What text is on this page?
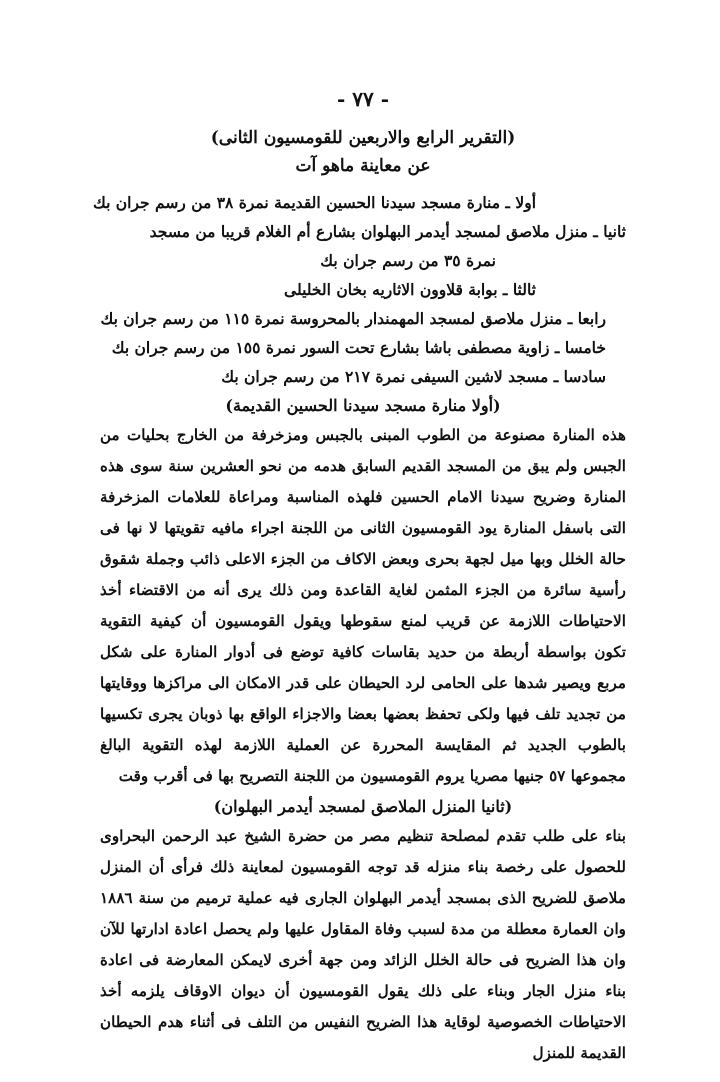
- ٧٧ -
(التقرير الرابع والاربعين للقومسيون الثانى)
عن معاينة ماهو آت
أولا ـ منارة مسجد سيدنا الحسين القديمة نمرة ٣٨ من رسم جران بك
ثانيا ـ منزل ملاصق لمسجد أيدمر البهلوان بشارع أم الغلام قريبا من مسجد
نمرة ٣٥ من رسم جران بك
ثالثا ـ بوابة قلاوون الاثاريه بخان الخليلى
رابعا ـ منزل ملاصق لمسجد المهمندار بالمحروسة نمرة ١١٥ من رسم جران بك
خامسا ـ زاوية مصطفى باشا بشارع تحت السور نمرة ١٥٥ من رسم جران بك
سادسا ـ مسجد لاشين السيفى نمرة ٢١٧ من رسم جران بك
(أولا منارة مسجد سيدنا الحسين القديمة)
هذه المنارة مصنوعة من الطوب المبنى بالجبس ومزخرفة من الخارج بحليات من الجبس ولم يبق من المسجد القديم السابق هدمه من نحو العشرين سنة سوى هذه المنارة وضريح سيدنا الامام الحسين فلهذه المناسبة ومراعاة للعلامات المزخرفة التى باسفل المنارة يود القومسيون الثانى من اللجنة اجراء مافيه تقويتها لا نها فى حالة الخلل وبها ميل لجهة بحرى وبعض الاكاف من الجزء الاعلى ذائب وجملة شقوق رأسية سائرة من الجزء المثمن لغاية القاعدة ومن ذلك يرى أنه من الاقتضاء أخذ الاحتياطات اللازمة عن قريب لمنع سقوطها ويقول القومسيون أن كيفية التقوية تكون بواسطة أربطة من حديد بقاسات كافية توضع فى أدوار المنارة على شكل مربع ويصير شدها على الحامى لرد الحيطان على قدر الامكان الى مراكزها ووقايتها من تجديد تلف فيها ولكى تحفظ بعضها بعضا والاجزاء الواقع بها ذوبان يجرى تكسيها بالطوب الجديد ثم المقايسة المحررة عن العملية اللازمة لهذه التقوية البالغ مجموعها ٥٧ جنيها مصريا يروم القومسيون من اللجنة التصريح بها فى أقرب وقت
(ثانيا المنزل الملاصق لمسجد أيدمر البهلوان)
بناء على طلب تقدم لمصلحة تنظيم مصر من حضرة الشيخ عبد الرحمن البحراوى للحصول على رخصة بناء منزله قد توجه القومسيون لمعاينة ذلك فرأى أن المنزل ملاصق للضريح الذى بمسجد أيدمر البهلوان الجارى فيه عملية ترميم من سنة ١٨٨٦ وان العمارة معطلة من مدة لسبب وفاة المقاول عليها ولم يحصل اعادة ادارتها للآن وان هذا الضريح فى حالة الخلل الزائد ومن جهة أخرى لايمكن المعارضة فى اعادة بناء منزل الجار وبناء على ذلك يقول القومسيون أن ديوان الاوقاف يلزمه أخذ الاحتياطات الخصوصية لوقاية هذا الضريح النفيس من التلف فى أثناء هدم الحيطان القديمة للمنزل
